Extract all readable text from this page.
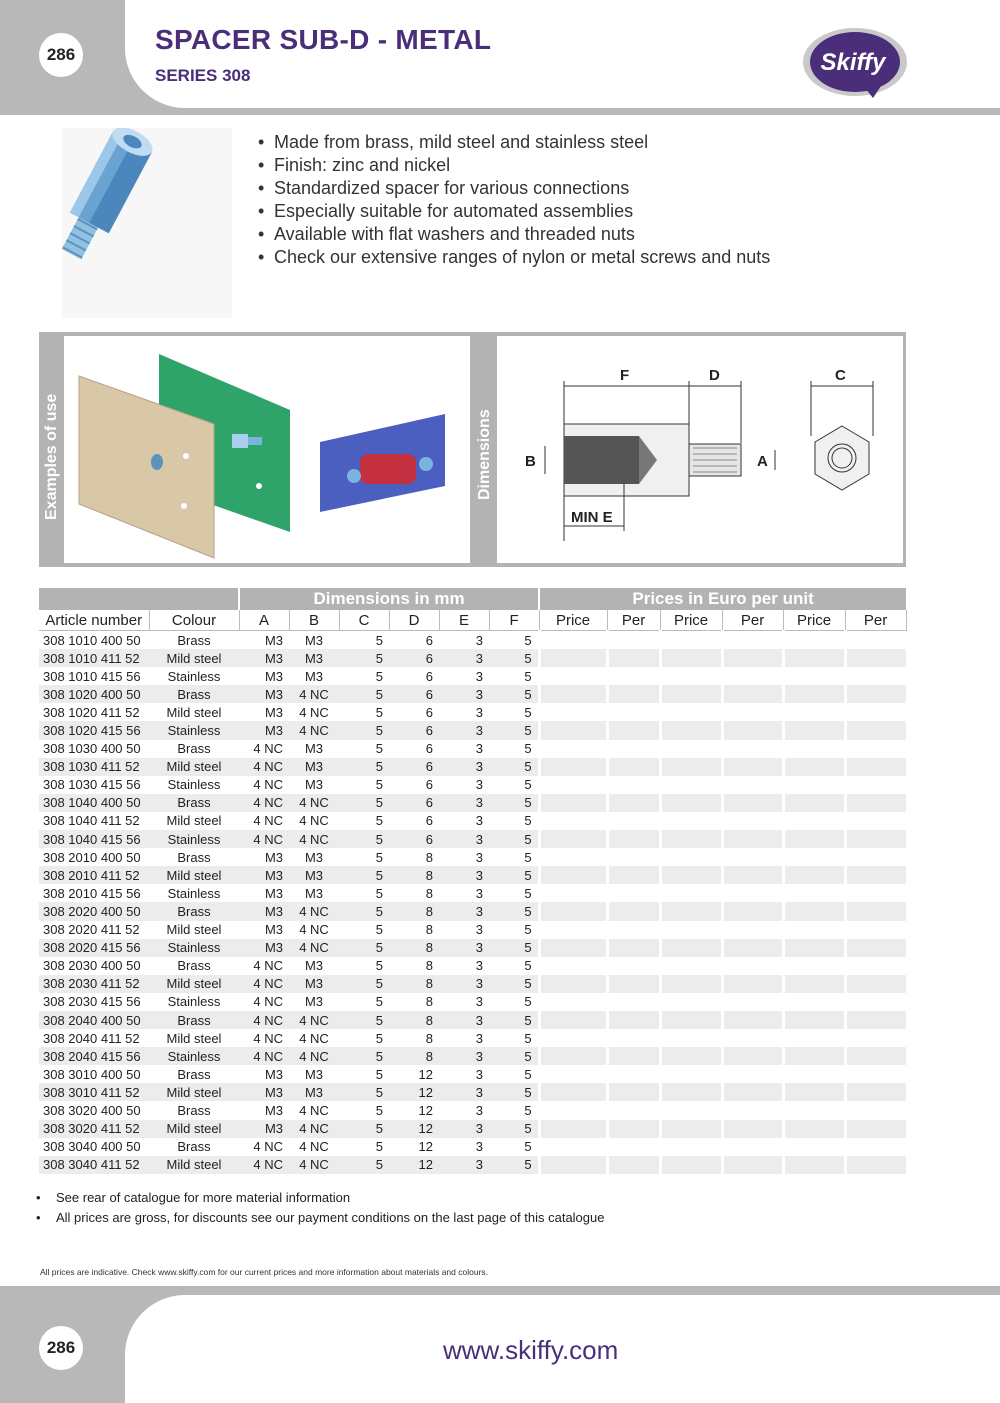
286	SPACER SUB-D - METAL
SERIES 308	Skiffy
• Made from brass, mild steel and stainless steel
• Finish: zinc and nickel
• Standardized spacer for various connections
• Especially suitable for automated assemblies
• Available with flat washers and threaded nuts
• Check our extensive ranges of nylon or metal screws and nuts
Examples of use	Dimensions
F	D	C
B	A
MIN E
		Dimensions in mm						Prices in Euro per unit					
Article number	Colour	A	B	C	D	E	F	Price	Per	Price	Per	Price	Per
308 1010 400 50	Brass	M3	M3	5	6	3	5						
308 1010 411 52	Mild steel	M3	M3	5	6	3	5						
308 1010 415 56	Stainless	M3	M3	5	6	3	5						
308 1020 400 50	Brass	M3	4 NC	5	6	3	5						
308 1020 411 52	Mild steel	M3	4 NC	5	6	3	5						
308 1020 415 56	Stainless	M3	4 NC	5	6	3	5						
308 1030 400 50	Brass	4 NC	M3	5	6	3	5						
308 1030 411 52	Mild steel	4 NC	M3	5	6	3	5						
308 1030 415 56	Stainless	4 NC	M3	5	6	3	5						
308 1040 400 50	Brass	4 NC	4 NC	5	6	3	5						
308 1040 411 52	Mild steel	4 NC	4 NC	5	6	3	5						
308 1040 415 56	Stainless	4 NC	4 NC	5	6	3	5						
308 2010 400 50	Brass	M3	M3	5	8	3	5						
308 2010 411 52	Mild steel	M3	M3	5	8	3	5						
308 2010 415 56	Stainless	M3	M3	5	8	3	5						
308 2020 400 50	Brass	M3	4 NC	5	8	3	5						
308 2020 411 52	Mild steel	M3	4 NC	5	8	3	5						
308 2020 415 56	Stainless	M3	4 NC	5	8	3	5						
308 2030 400 50	Brass	4 NC	M3	5	8	3	5						
308 2030 411 52	Mild steel	4 NC	M3	5	8	3	5						
308 2030 415 56	Stainless	4 NC	M3	5	8	3	5						
308 2040 400 50	Brass	4 NC	4 NC	5	8	3	5						
308 2040 411 52	Mild steel	4 NC	4 NC	5	8	3	5						
308 2040 415 56	Stainless	4 NC	4 NC	5	8	3	5						
308 3010 400 50	Brass	M3	M3	5	12	3	5						
308 3010 411 52	Mild steel	M3	M3	5	12	3	5						
308 3020 400 50	Brass	M3	4 NC	5	12	3	5						
308 3020 411 52	Mild steel	M3	4 NC	5	12	3	5						
308 3040 400 50	Brass	4 NC	4 NC	5	12	3	5						
308 3040 411 52	Mild steel	4 NC	4 NC	5	12	3	5						
• See rear of catalogue for more material information
• All prices are gross, for discounts see our payment conditions on the last page of this catalogue
All prices are indicative. Check www.skiffy.com for our current prices and more information about materials and colours.
286	www.skiffy.com
